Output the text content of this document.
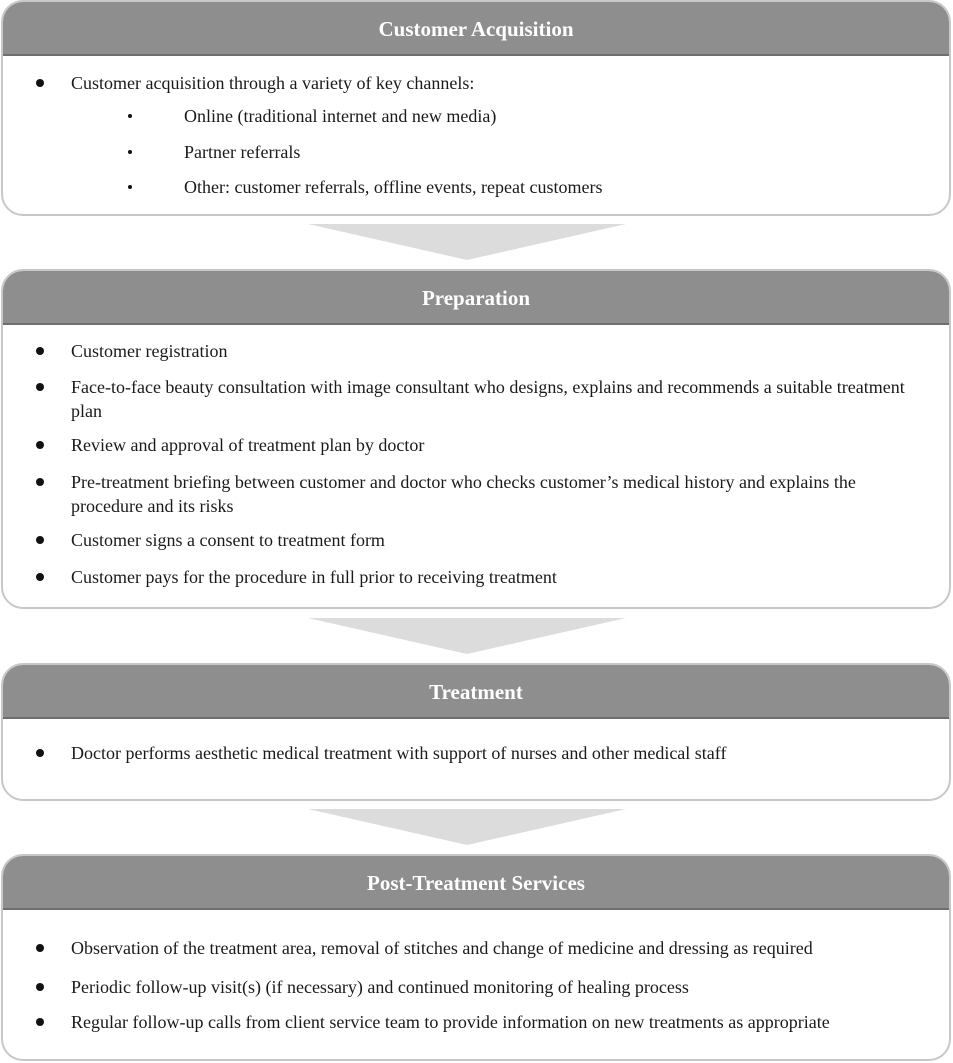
Customer Acquisition
Customer acquisition through a variety of key channels:
Online (traditional internet and new media)
Partner referrals
Other: customer referrals, offline events, repeat customers
Preparation
Customer registration
Face-to-face beauty consultation with image consultant who designs, explains and recommends a suitable treatment plan
Review and approval of treatment plan by doctor
Pre-treatment briefing between customer and doctor who checks customer’s medical history and explains the procedure and its risks
Customer signs a consent to treatment form
Customer pays for the procedure in full prior to receiving treatment
Treatment
Doctor performs aesthetic medical treatment with support of nurses and other medical staff
Post-Treatment Services
Observation of the treatment area, removal of stitches and change of medicine and dressing as required
Periodic follow-up visit(s) (if necessary) and continued monitoring of healing process
Regular follow-up calls from client service team to provide information on new treatments as appropriate
